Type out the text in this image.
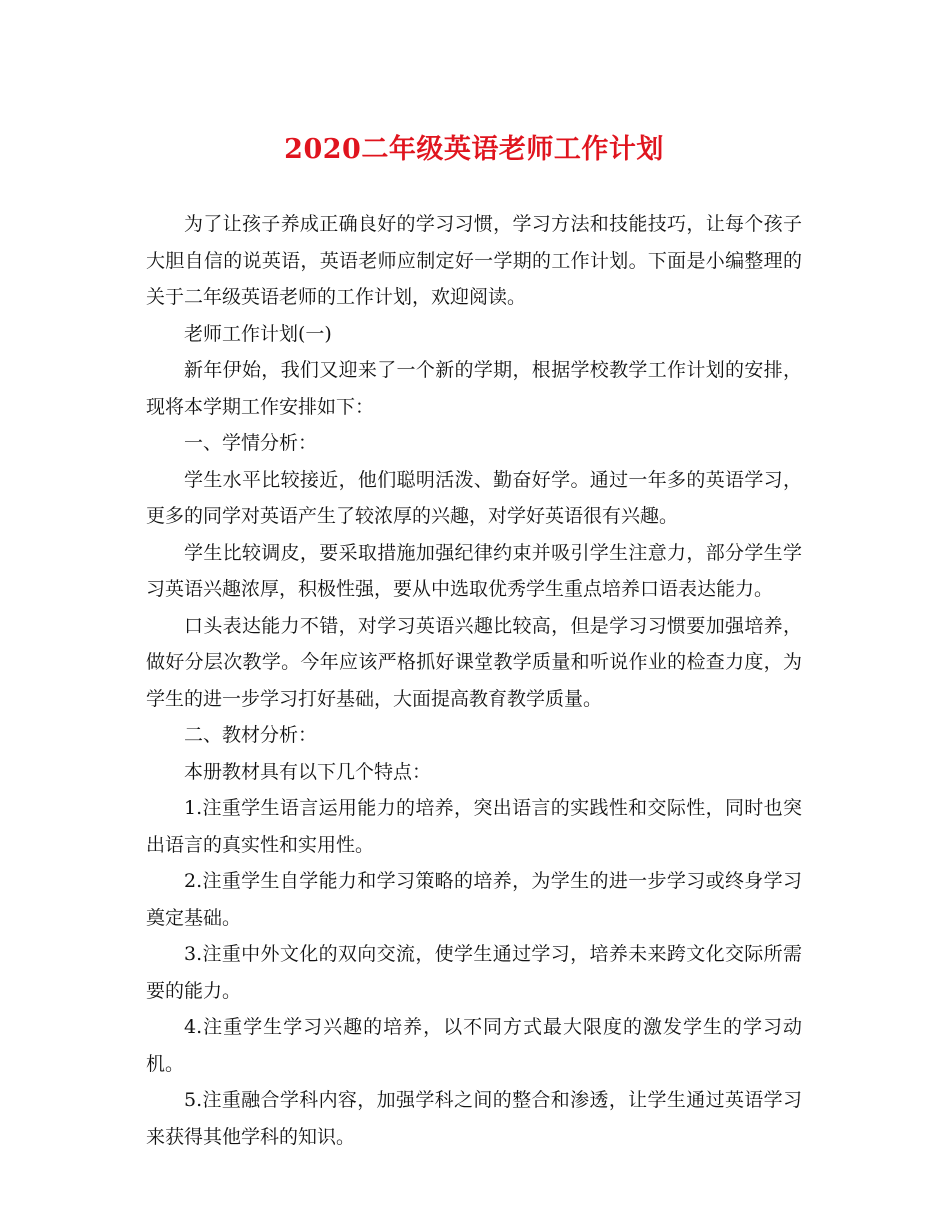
2020二年级英语老师工作计划

为了让孩子养成正确良好的学习习惯，学习方法和技能技巧，让每个孩子大胆自信的说英语，英语老师应制定好一学期的工作计划。下面是小编整理的关于二年级英语老师的工作计划，欢迎阅读。

老师工作计划(一)

新年伊始，我们又迎来了一个新的学期，根据学校教学工作计划的安排，现将本学期工作安排如下：

一、学情分析：

学生水平比较接近，他们聪明活泼、勤奋好学。通过一年多的英语学习，更多的同学对英语产生了较浓厚的兴趣，对学好英语很有兴趣。

学生比较调皮，要采取措施加强纪律约束并吸引学生注意力，部分学生学习英语兴趣浓厚，积极性强，要从中选取优秀学生重点培养口语表达能力。

口头表达能力不错，对学习英语兴趣比较高，但是学习习惯要加强培养，做好分层次教学。今年应该严格抓好课堂教学质量和听说作业的检查力度，为学生的进一步学习打好基础，大面提高教育教学质量。

二、教材分析：

本册教材具有以下几个特点：

1.注重学生语言运用能力的培养，突出语言的实践性和交际性，同时也突出语言的真实性和实用性。

2.注重学生自学能力和学习策略的培养，为学生的进一步学习或终身学习奠定基础。

3.注重中外文化的双向交流，使学生通过学习，培养未来跨文化交际所需要的能力。

4.注重学生学习兴趣的培养，以不同方式最大限度的激发学生的学习动机。

5.注重融合学科内容，加强学科之间的整合和渗透，让学生通过英语学习来获得其他学科的知识。
